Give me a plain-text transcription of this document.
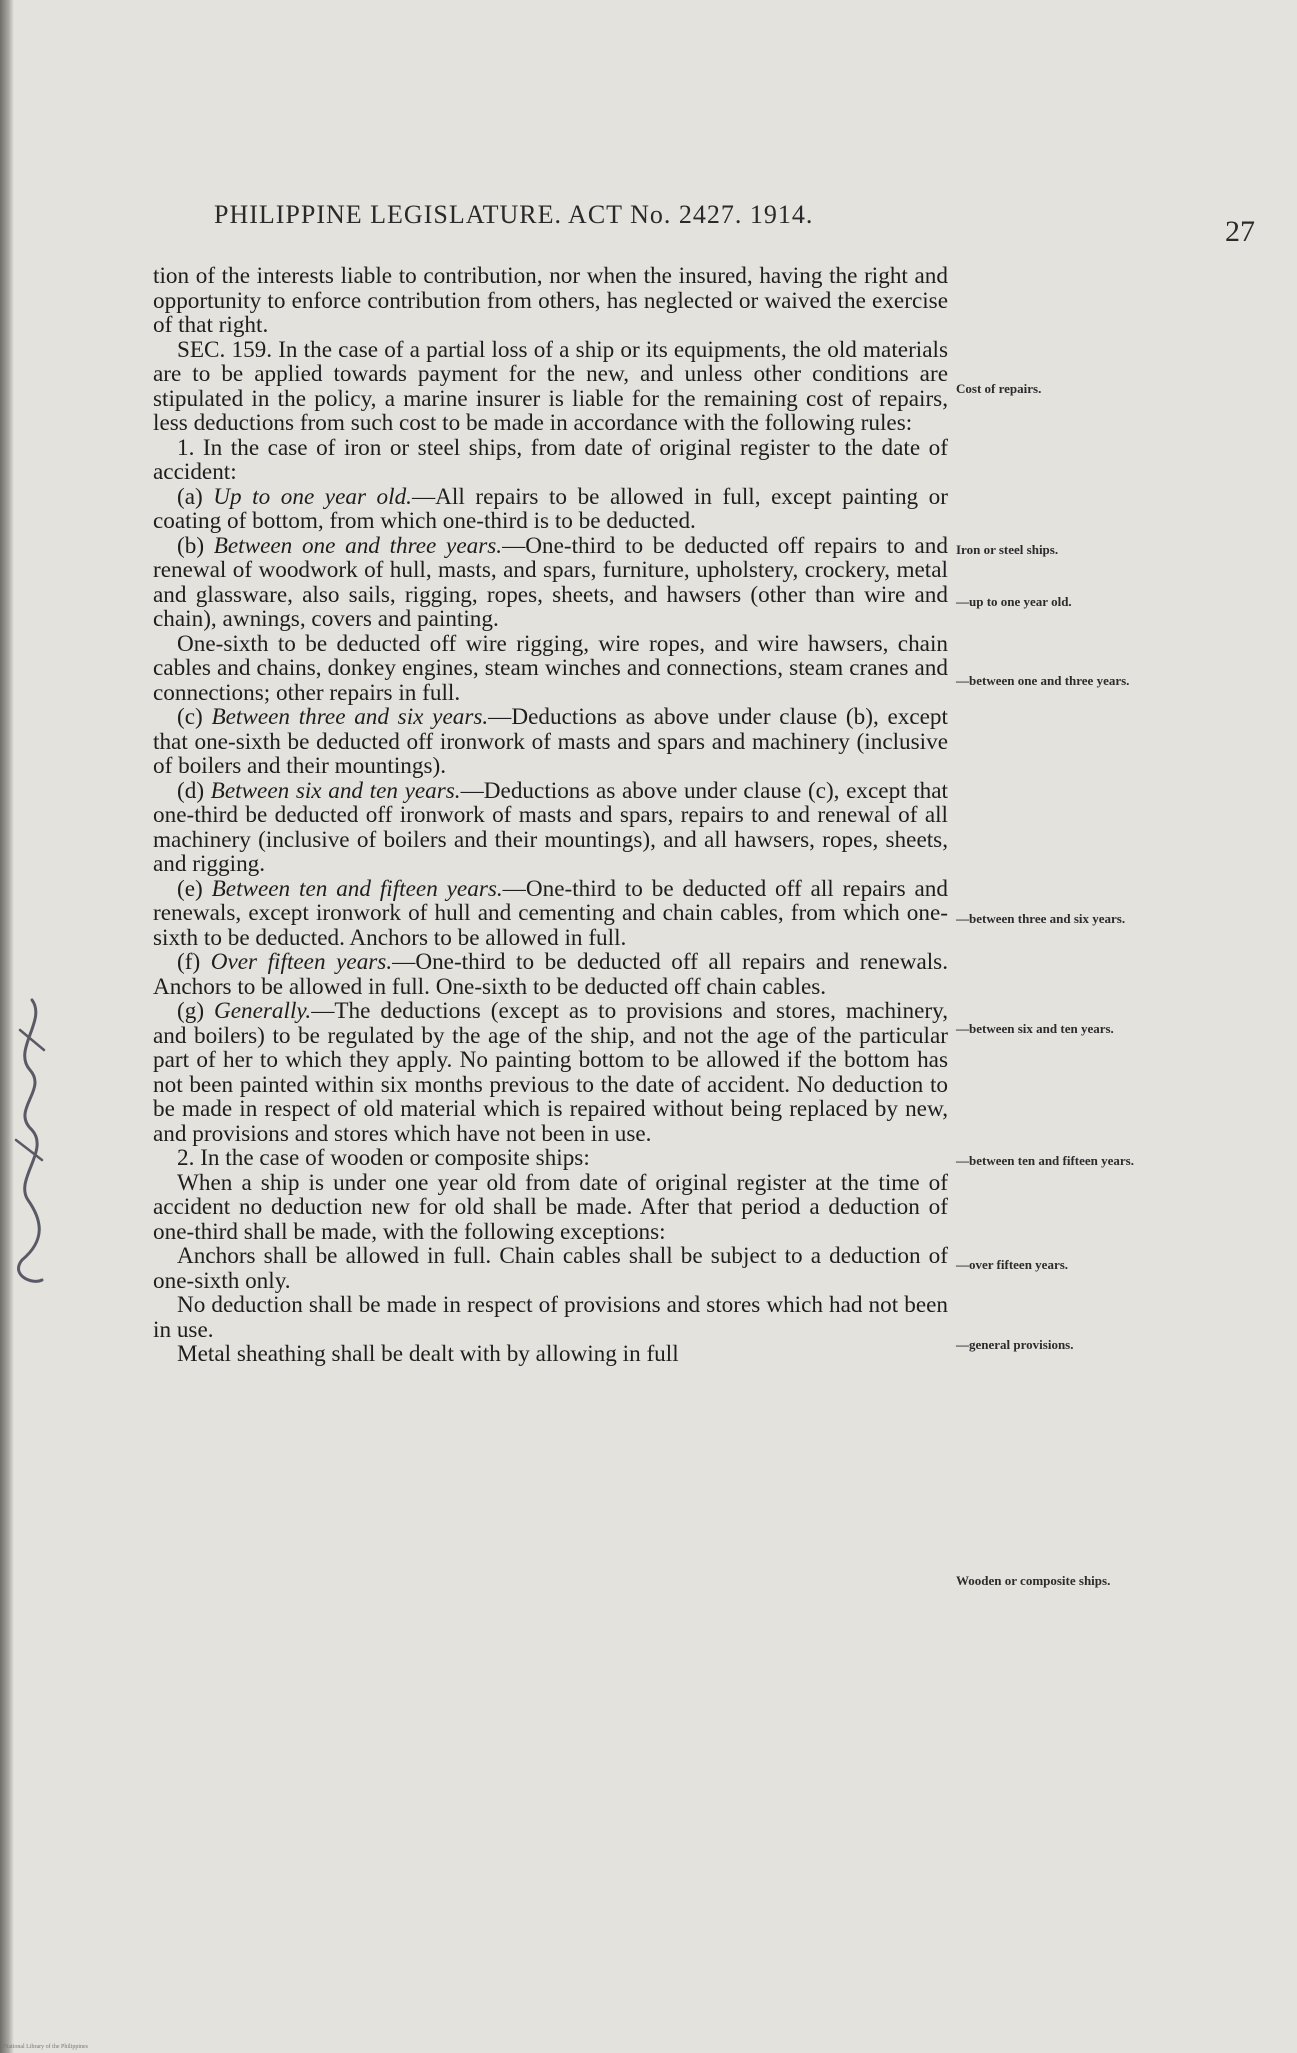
PHILIPPINE LEGISLATURE. ACT No. 2427. 1914.
27

tion of the interests liable to contribution, nor when the insured, having the right and opportunity to enforce contribution from others, has neglected or waived the exercise of that right.

SEC. 159. In the case of a partial loss of a ship or its equipments, the old materials are to be applied towards payment for the new, and unless other conditions are stipulated in the policy, a marine insurer is liable for the remaining cost of repairs, less deductions from such cost to be made in accordance with the following rules:

1. In the case of iron or steel ships, from date of original register to the date of accident:

(a) Up to one year old.—All repairs to be allowed in full, except painting or coating of bottom, from which one-third is to be deducted.

(b) Between one and three years.—One-third to be deducted off repairs to and renewal of woodwork of hull, masts, and spars, furniture, upholstery, crockery, metal and glassware, also sails, rigging, ropes, sheets, and hawsers (other than wire and chain), awnings, covers and painting.

One-sixth to be deducted off wire rigging, wire ropes, and wire hawsers, chain cables and chains, donkey engines, steam winches and connections, steam cranes and connections; other repairs in full.

(c) Between three and six years.—Deductions as above under clause (b), except that one-sixth be deducted off ironwork of masts and spars and machinery (inclusive of boilers and their mountings).

(d) Between six and ten years.—Deductions as above under clause (c), except that one-third be deducted off ironwork of masts and spars, repairs to and renewal of all machinery (inclusive of boilers and their mountings), and all hawsers, ropes, sheets, and rigging.

(e) Between ten and fifteen years.—One-third to be deducted off all repairs and renewals, except ironwork of hull and cementing and chain cables, from which one-sixth to be deducted. Anchors to be allowed in full.

(f) Over fifteen years.—One-third to be deducted off all repairs and renewals. Anchors to be allowed in full. One-sixth to be deducted off chain cables.

(g) Generally.—The deductions (except as to provisions and stores, machinery, and boilers) to be regulated by the age of the ship, and not the age of the particular part of her to which they apply. No painting bottom to be allowed if the bottom has not been painted within six months previous to the date of accident. No deduction to be made in respect of old material which is repaired without being replaced by new, and provisions and stores which have not been in use.

2. In the case of wooden or composite ships:

When a ship is under one year old from date of original register at the time of accident no deduction new for old shall be made. After that period a deduction of one-third shall be made, with the following exceptions:

Anchors shall be allowed in full. Chain cables shall be subject to a deduction of one-sixth only.

No deduction shall be made in respect of provisions and stores which had not been in use.

Metal sheathing shall be dealt with by allowing in full

Cost of repairs.
Iron or steel ships.
—up to one year old.
—between one and three years.
—between three and six years.
—between six and ten years.
—between ten and fifteen years.
—over fifteen years.
—general provisions.
Wooden or composite ships.
National Library of the Philippines
